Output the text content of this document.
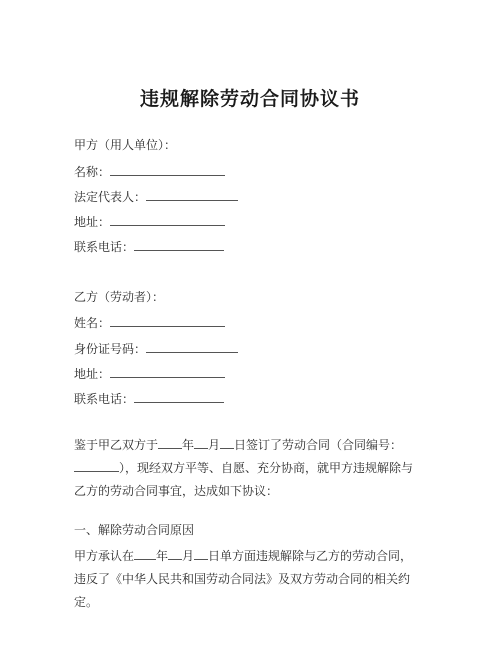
违规解除劳动合同协议书
甲方（用人单位）：
名称：
法定代表人：
地址：
联系电话：
乙方（劳动者）：
姓名：
身份证号码：
地址：
联系电话：
鉴于甲乙双方于 年 月 日签订了劳动合同（合同编号：），现经双方平等、自愿、充分协商，就甲方违规解除与乙方的劳动合同事宜，达成如下协议：
一、解除劳动合同原因
甲方承认在 年 月 日单方面违规解除与乙方的劳动合同，违反了《中华人民共和国劳动合同法》及双方劳动合同的相关约定。
